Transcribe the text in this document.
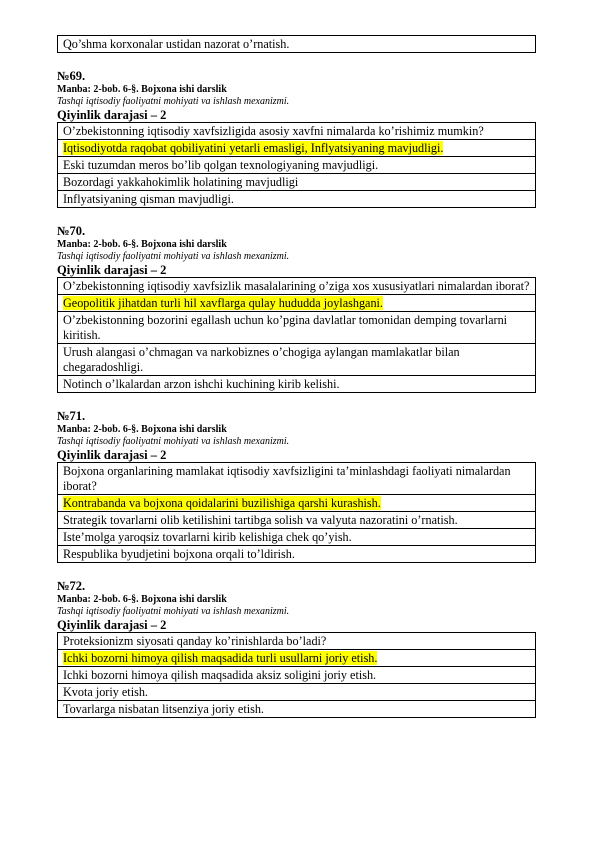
Qo’shma korxonalar ustidan nazorat o’rnatish.

№69.

Manba: 2-bob. 6-§. Bojxona ishi darslik

Tashqi iqtisodiy faoliyatni mohiyati va ishlash mexanizmi.

Qiyinlik darajasi – 2

O’zbekistonning iqtisodiy xavfsizligida asosiy xavfni nimalarda ko’rishimiz mumkin?
Iqtisodiyotda raqobat qobiliyatini yetarli emasligi, Inflyatsiyaning mavjudligi.
Eski tuzumdan meros bo’lib qolgan texnologiyaning mavjudligi.
Bozordagi yakkahokimlik holatining mavjudligi
Inflyatsiyaning qisman mavjudligi.

№70.

Manba: 2-bob. 6-§. Bojxona ishi darslik

Tashqi iqtisodiy faoliyatni mohiyati va ishlash mexanizmi.

Qiyinlik darajasi – 2

O’zbekistonning iqtisodiy xavfsizlik masalalarining o’ziga xos xususiyatlari nimalardan iborat?
Geopolitik jihatdan turli hil xavflarga qulay hududda joylashgani.
O’zbekistonning bozorini egallash uchun ko’pgina davlatlar tomonidan demping tovarlarni kiritish.
Urush alangasi o’chmagan va narkobiznes o’chogiga aylangan mamlakatlar bilan chegaradoshligi.
Notinch o’lkalardan arzon ishchi kuchining kirib kelishi.

№71.

Manba: 2-bob. 6-§. Bojxona ishi darslik

Tashqi iqtisodiy faoliyatni mohiyati va ishlash mexanizmi.

Qiyinlik darajasi – 2

Bojxona organlarining mamlakat iqtisodiy xavfsizligini ta’minlashdagi faoliyati nimalardan iborat?
Kontrabanda va bojxona qoidalarini buzilishiga qarshi kurashish.
Strategik tovarlarni olib ketilishini tartibga solish va valyuta nazoratini o’rnatish.
Iste’molga yaroqsiz tovarlarni kirib kelishiga chek qo’yish.
Respublika byudjetini bojxona orqali to’ldirish.

№72.

Manba: 2-bob. 6-§. Bojxona ishi darslik

Tashqi iqtisodiy faoliyatni mohiyati va ishlash mexanizmi.

Qiyinlik darajasi – 2

Proteksionizm siyosati qanday ko’rinishlarda bo’ladi?
Ichki bozorni himoya qilish maqsadida turli usullarni joriy etish.
Ichki bozorni himoya qilish maqsadida aksiz soligini joriy etish.
Kvota joriy etish.
Tovarlarga nisbatan litsenziya joriy etish.
